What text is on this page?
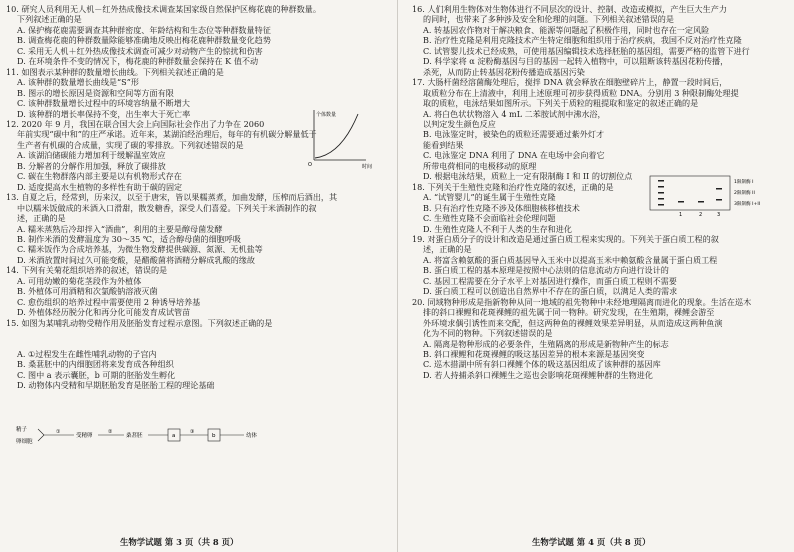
10. 研究人员利用无人机－红外热成像技术调查某国家级自然保护区梅花鹿的种群数量。

下列叙述正确的是

A. 保护梅花鹿需要调查其种群密度、年龄结构和生态位等种群数量特征

B. 调查梅花鹿的种群数量除能够准确地反映出梅花鹿种群数量变化趋势

C. 采用无人机＋红外热成像技术调查可减少对动物产生的惊扰和伤害

D. 在环境条件不变的情况下，梅花鹿的种群数量会保持在 K 值不动

11. 如图表示某种群的数量增长曲线。下列相关叙述正确的是

A. 该种群的数量增长曲线是“S”形

B. 图示的增长原因是资源和空间等方面有限

C. 该种群数量增长过程中的环境容纳量不断增大

D. 该种群的增长率保持不变，出生率大于死亡率

12. 2020 年 9 月，我国在联合国大会上向国际社会作出了力争在 2060

年前实现“碳中和”的庄严承诺。近年来，某湖泊经治理后，每年的有机碳分解量低于

生产者有机碳的合成量，实现了碳的零排放。下列叙述错误的是

A. 该湖泊储碳能力增加利于缓解温室效应

B. 分解者的分解作用加强，释放了碳排放

C. 碳在生物群落内部主要是以有机物形式存在

D. 适度提高水生植物的多样性有助于碳的固定

13. 自夏之后，经常到，历来汉，以至于唐宋，皆以果糯蒸煮，加曲发酵，压榨而后酒出，其

中以糯米饭做成的米酒入口滑甜，散发糖香，深受人们喜爱。下列关于米酒制作的叙

述，正确的是

A. 糯米蒸熟后冷却拌入“酒曲”，利用的主要是醇母菌发酵

B. 制作米酒的发酵温度为 30～35 ℃，适合醇母菌的细胞呼吸

C. 糯米饭作为合成培养基，为微生物发酵提供碳源、氮源、无机盐等

D. 米酒放置时间过久可能变酸，是醋酸菌将酒精分解成乳酸的缘故

14. 下列有关菊花组织培养的叙述，错误的是

A. 可用幼嫩的菊花茎段作为外植体

B. 外植体可用酒精和次氯酸钠溶液灭菌

C. 愈伤组织的培养过程中需要使用 2 种诱导培养基

D. 外植体经历脱分化和再分化可能发育成试管苗

15. 如图为某哺乳动物受精作用及胚胎发育过程示意图。下列叙述正确的是

A. ①过程发生在雌性哺乳动物的子宫内

B. 桑葚胚中的内细胞团将来发育成各种组织

C. 图中 a 表示囊胚，b 可期的胚胎发生孵化

D. 动物体内受精和早期胚胎发育是胚胎工程的理论基础

16. 人们利用生物体对生物体进行不同层次的设计、控制、改造或模拟，产生巨大生产力

的同时，也带来了多种涉及安全和伦理的问题。下列相关叙述错误的是

A. 转基因农作物对于解决粮食、能源等问题起了积极作用，同时也存在一定风险

B. 治疗性克隆是利用克隆技术产生特定细胞和组织用于治疗疾病，我国不反对治疗性克隆

C. 试管婴儿技术已经成熟，可使用基因编辑技术选择胚胎的基因组，需要严格的监管下进行

D. 科学家将 α 淀粉酶基因与目的基因一起转入植物中，可以阻断该转基因花粉传播，

杀死，从而防止转基因花粉传播造成基因污染

17. 大肠杆菌经溶菌酶处理后，搅拌 DNA 就会释放在细胞壁碎片上，静置一段时间后，

取质粒分布在上清液中，利用上述原理可初步获得质粒 DNA。分别用 3 种限制酶处理提

取的质粒，电泳结果如图所示。下列关于质粒的粗提取和鉴定的叙述正确的是

A. 将白色状状物溶入 4 mL 二苯胺试剂中沸水浴，

以判定发生颜色反应

B. 电泳鉴定时，被染色的质粒还需要通过紫外灯才

能看到结果

C. 电泳鉴定 DNA 利用了 DNA 在电场中会向着它

所带电荷相同的电极移动的原理

D. 根据电泳结果，质粒上一定有限制酶 I 和 II 的切割位点

18. 下列关于生殖性克隆和治疗性克隆的叙述，正确的是

A. “试管婴儿”的诞生属于生殖性克隆

B. 只有治疗性克隆不涉及体细胞核移植技术

C. 生殖性克隆不会面临社会伦理问题

D. 生殖性克隆人不利于人类的生存和进化

19. 对蛋白质分子的设计和改造是通过蛋白质工程来实现的。下列关于蛋白质工程的叙

述，正确的是

A. 将富含赖氨酸的蛋白质基因导入玉米中以提高玉米中赖氨酸含量属于蛋白质工程

B. 蛋白质工程的基本原理是按照中心法则的信息流动方向进行设计的

C. 基因工程需要在分子水平上对基因进行操作，而蛋白质工程则不需要

D. 蛋白质工程可以创造出自然界中不存在的蛋白质，以满足人类的需求

20. 同域物种形成是指新物种从同一地域的祖先物种中未经地理隔离而进化的现象。生活在巡木

排的斜口裸鲤和花斑裸鲤的祖先属于同一物种。研究发现，在生殖期，裸鲤会游至

外环境求偶引诱性而来交配，但这两种鱼的裸鲤效果差异明显，从而造成这两种鱼演

化为不同的物种。下列叙述错误的是

A. 隔离是物种形成的必要条件，生殖隔离的形成是新物种产生的标志

B. 斜口裸鲤和花斑裸鲤的吸这基因差异的根本来源是基因突变

C. 巡木措湖中所有斜口裸鲤个体的吸这基因组成了该种群的基因库

D. 若人持捕杀斜口裸鲤生之巡也会影响花斑裸鲤种群的生物进化

个体数量
O	时间
精子
卵细胞
①
受精卵
②
桑葚胚	a
③
b	幼体
1	2	3
1限制酶 I
2限制酶 II
3限制酶 I+II
生物学试题 第 3 页（共 8 页）	生物学试题 第 4 页（共 8 页）
